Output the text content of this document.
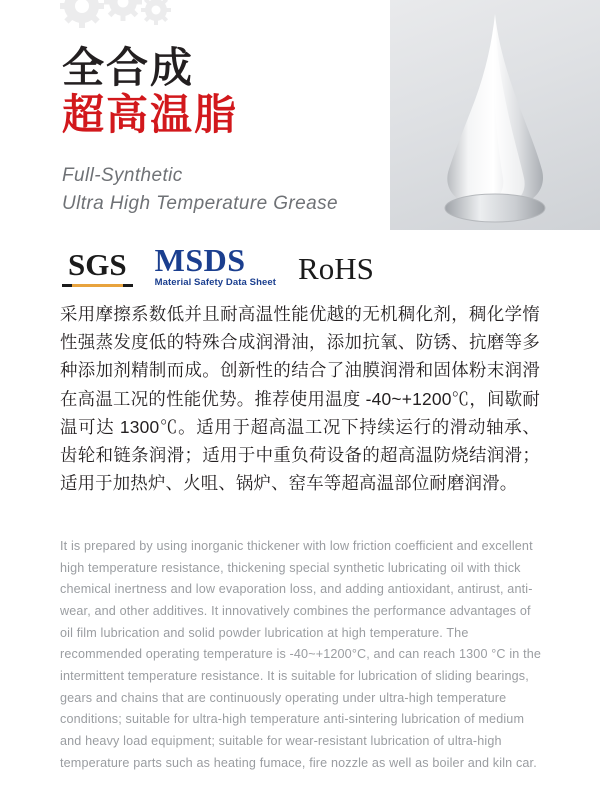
全合成
超高温脂
Full-Synthetic
Ultra High Temperature Grease
SGS MSDS
Material Safety Data Sheet RoHS
采用摩擦系数低并且耐高温性能优越的无机稠化剂，稠化学惰性强蒸发度低的特殊合成润滑油，添加抗氧、防锈、抗磨等多种添加剂精制而成。创新性的结合了油膜润滑和固体粉末润滑在高温工况的性能优势。推荐使用温度 -40~+1200℃，间歇耐温可达 1300℃。适用于超高温工况下持续运行的滑动轴承、齿轮和链条润滑；适用于中重负荷设备的超高温防烧结润滑；适用于加热炉、火咀、锅炉、窑车等超高温部位耐磨润滑。
It is prepared by using inorganic thickener with low friction coefficient and excellent high temperature resistance, thickening special synthetic lubricating oil with thick chemical inertness and low evaporation loss, and adding antioxidant, antirust, anti-wear, and other additives. It innovatively combines the performance advantages of oil film lubrication and solid powder lubrication at high temperature. The recommended operating temperature is -40~+1200°C, and can reach 1300 °C in the intermittent temperature resistance. It is suitable for lubrication of sliding bearings, gears and chains that are continuously operating under ultra-high temperature conditions; suitable for ultra-high temperature anti-sintering lubrication of medium and heavy load equipment; suitable for wear-resistant lubrication of ultra-high temperature parts such as heating fumace, fire nozzle as well as boiler and kiln car.
